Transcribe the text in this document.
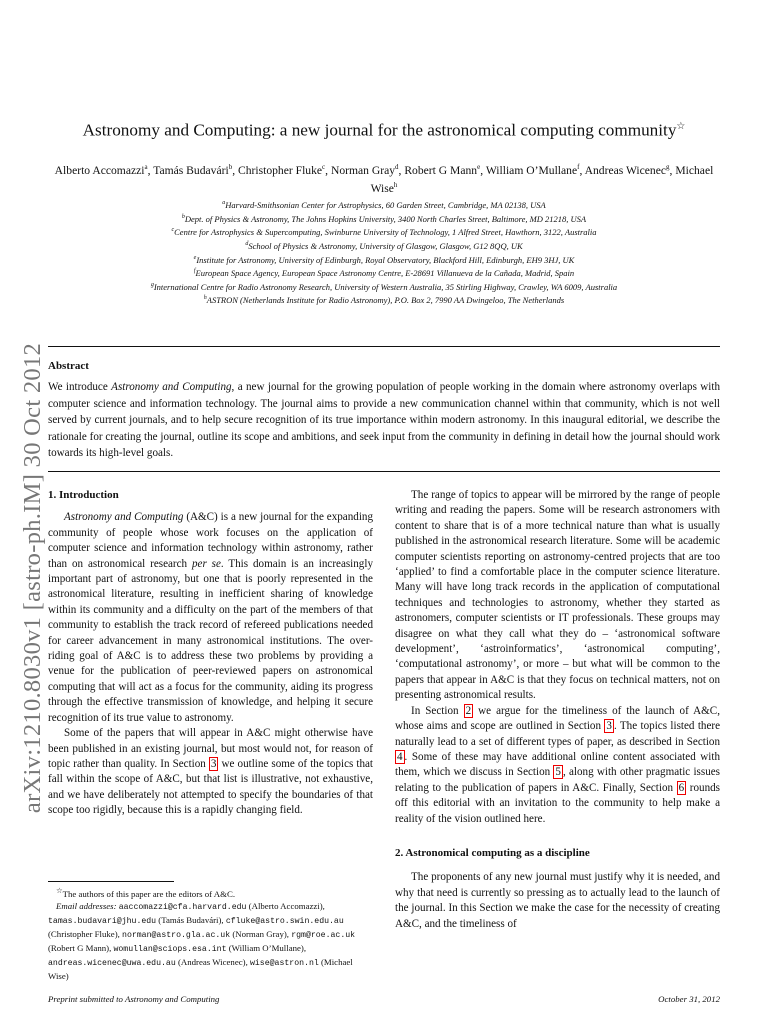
arXiv:1210.8030v1 [astro-ph.IM] 30 Oct 2012
Astronomy and Computing: a new journal for the astronomical computing community☆
Alberto Accomazzi$^a$, Tamás Budavári$^b$, Christopher Fluke$^c$, Norman Gray$^d$, Robert G Mann$^e$, William O’Mullane$^f$, Andreas Wicenec$^g$, Michael Wise$^h$
$^a$Harvard-Smithsonian Center for Astrophysics, 60 Garden Street, Cambridge, MA 02138, USA
$^b$Dept. of Physics & Astronomy, The Johns Hopkins University, 3400 North Charles Street, Baltimore, MD 21218, USA
$^c$Centre for Astrophysics & Supercomputing, Swinburne University of Technology, 1 Alfred Street, Hawthorn, 3122, Australia
$^d$School of Physics & Astronomy, University of Glasgow, Glasgow, G12 8QQ, UK
$^e$Institute for Astronomy, University of Edinburgh, Royal Observatory, Blackford Hill, Edinburgh, EH9 3HJ, UK
$^f$European Space Agency, European Space Astronomy Centre, E-28691 Villanueva de la Cañada, Madrid, Spain
$^g$International Centre for Radio Astronomy Research, University of Western Australia, 35 Stirling Highway, Crawley, WA 6009, Australia
$^h$ASTRON (Netherlands Institute for Radio Astronomy), P.O. Box 2, 7990 AA Dwingeloo, The Netherlands
Abstract

We introduce Astronomy and Computing, a new journal for the growing population of people working in the domain where astronomy overlaps with computer science and information technology. The journal aims to provide a new communication channel within that community, which is not well served by current journals, and to help secure recognition of its true importance within modern astronomy. In this inaugural editorial, we describe the rationale for creating the journal, outline its scope and ambitions, and seek input from the community in defining in detail how the journal should work towards its high-level goals.

1. Introduction

Astronomy and Computing (A&C) is a new journal for the expanding community of people whose work focuses on the application of computer science and information technology within astronomy, rather than on astronomical research per se. This domain is an increasingly important part of astronomy, but one that is poorly represented in the astronomical literature, resulting in inefficient sharing of knowledge within its community and a difficulty on the part of the members of that community to establish the track record of refereed publications needed for career advancement in many astronomical institutions. The over-riding goal of A&C is to address these two problems by providing a venue for the publication of peer-reviewed papers on astronomical computing that will act as a focus for the community, aiding its progress through the effective transmission of knowledge, and helping it secure recognition of its true value to astronomy.

Some of the papers that will appear in A&C might otherwise have been published in an existing journal, but most would not, for reason of topic rather than quality. In Section 3 we outline some of the topics that fall within the scope of A&C, but that list is illustrative, not exhaustive, and we have deliberately not attempted to specify the boundaries of that scope too rigidly, because this is a rapidly changing field.

The range of topics to appear will be mirrored by the range of people writing and reading the papers. Some will be research astronomers with content to share that is of a more technical nature than what is usually published in the astronomical research literature. Some will be academic computer scientists reporting on astronomy-centred projects that are too ‘applied’ to find a comfortable place in the computer science literature. Many will have long track records in the application of computational techniques and technologies to astronomy, whether they started as astronomers, computer scientists or IT professionals. These groups may disagree on what they call what they do – ‘astronomical software development’, ‘astroinformatics’, ‘astronomical computing’, ‘computational astronomy’, or more – but what will be common to the papers that appear in A&C is that they focus on technical matters, not on presenting astronomical results.

In Section 2 we argue for the timeliness of the launch of A&C, whose aims and scope are outlined in Section 3 . The topics listed there naturally lead to a set of different types of paper, as described in Section 4 . Some of these may have additional online content associated with them, which we discuss in Section 5 , along with other pragmatic issues relating to the publication of papers in A&C. Finally, Section 6 rounds off this editorial with an invitation to the community to help make a reality of the vision outlined here.

2. Astronomical computing as a discipline

The proponents of any new journal must justify why it is needed, and why that need is currently so pressing as to actually lead to the launch of the journal. In this Section we make the case for the necessity of creating A&C, and the timeliness of

☆The authors of this paper are the editors of A&C.

Email addresses: aaccomazzi@cfa.harvard.edu (Alberto Accomazzi), tamas.budavari@jhu.edu (Tamás Budavári), cfluke@astro.swin.edu.au (Christopher Fluke), norman@astro.gla.ac.uk (Norman Gray), rgm@roe.ac.uk (Robert G Mann), womullan@sciops.esa.int (William O’Mullane), andreas.wicenec@uwa.edu.au (Andreas Wicenec), wise@astron.nl (Michael Wise)

Preprint submitted to Astronomy and Computing	October 31, 2012
